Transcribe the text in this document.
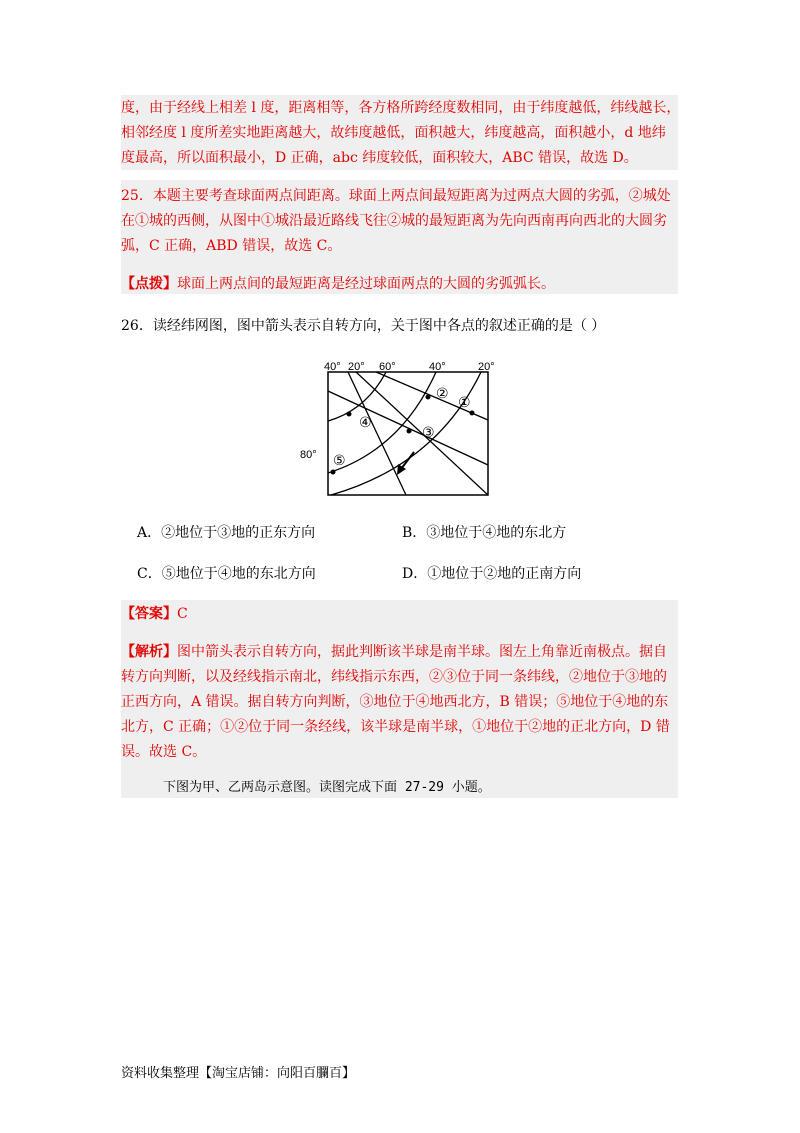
度，由于经线上相差 l 度，距离相等，各方格所跨经度数相同，由于纬度越低，纬线越长，
相邻经度 l 度所差实地距离越大，故纬度越低，面积越大，纬度越高，面积越小，d 地纬
度最高，所以面积最小，D 正确，abc 纬度较低，面积较大，ABC 错误，故选 D。
25．本题主要考查球面两点间距离。球面上两点间最短距离为过两点大圆的劣弧，②城处
在①城的西侧，从图中①城沿最近路线飞往②城的最短距离为先向西南再向西北的大圆劣
弧，C 正确，ABD 错误，故选 C。
【点拨】球面上两点间的最短距离是经过球面两点的大圆的劣弧弧长。
26．读经纬网图，图中箭头表示自转方向，关于图中各点的叙述正确的是（ ）
40° 20° 60°	40°	20°
80°
①
②
③
④
⑤
A．②地位于③地的正东方向	B．③地位于④地的东北方
C．⑤地位于④地的东北方向	D．①地位于②地的正南方向
【答案】C
【解析】图中箭头表示自转方向，据此判断该半球是南半球。图左上角靠近南极点。据自
转方向判断，以及经线指示南北，纬线指示东西，②③位于同一条纬线，②地位于③地的
正西方向，A 错误。据自转方向判断，③地位于④地西北方，B 错误；⑤地位于④地的东
北方，C 正确；①②位于同一条经线，该半球是南半球，①地位于②地的正北方向，D 错
误。故选 C。
下图为甲、乙两岛示意图。读图完成下面 27-29 小题。
资料收集整理【淘宝店铺：向阳百䑌百】
